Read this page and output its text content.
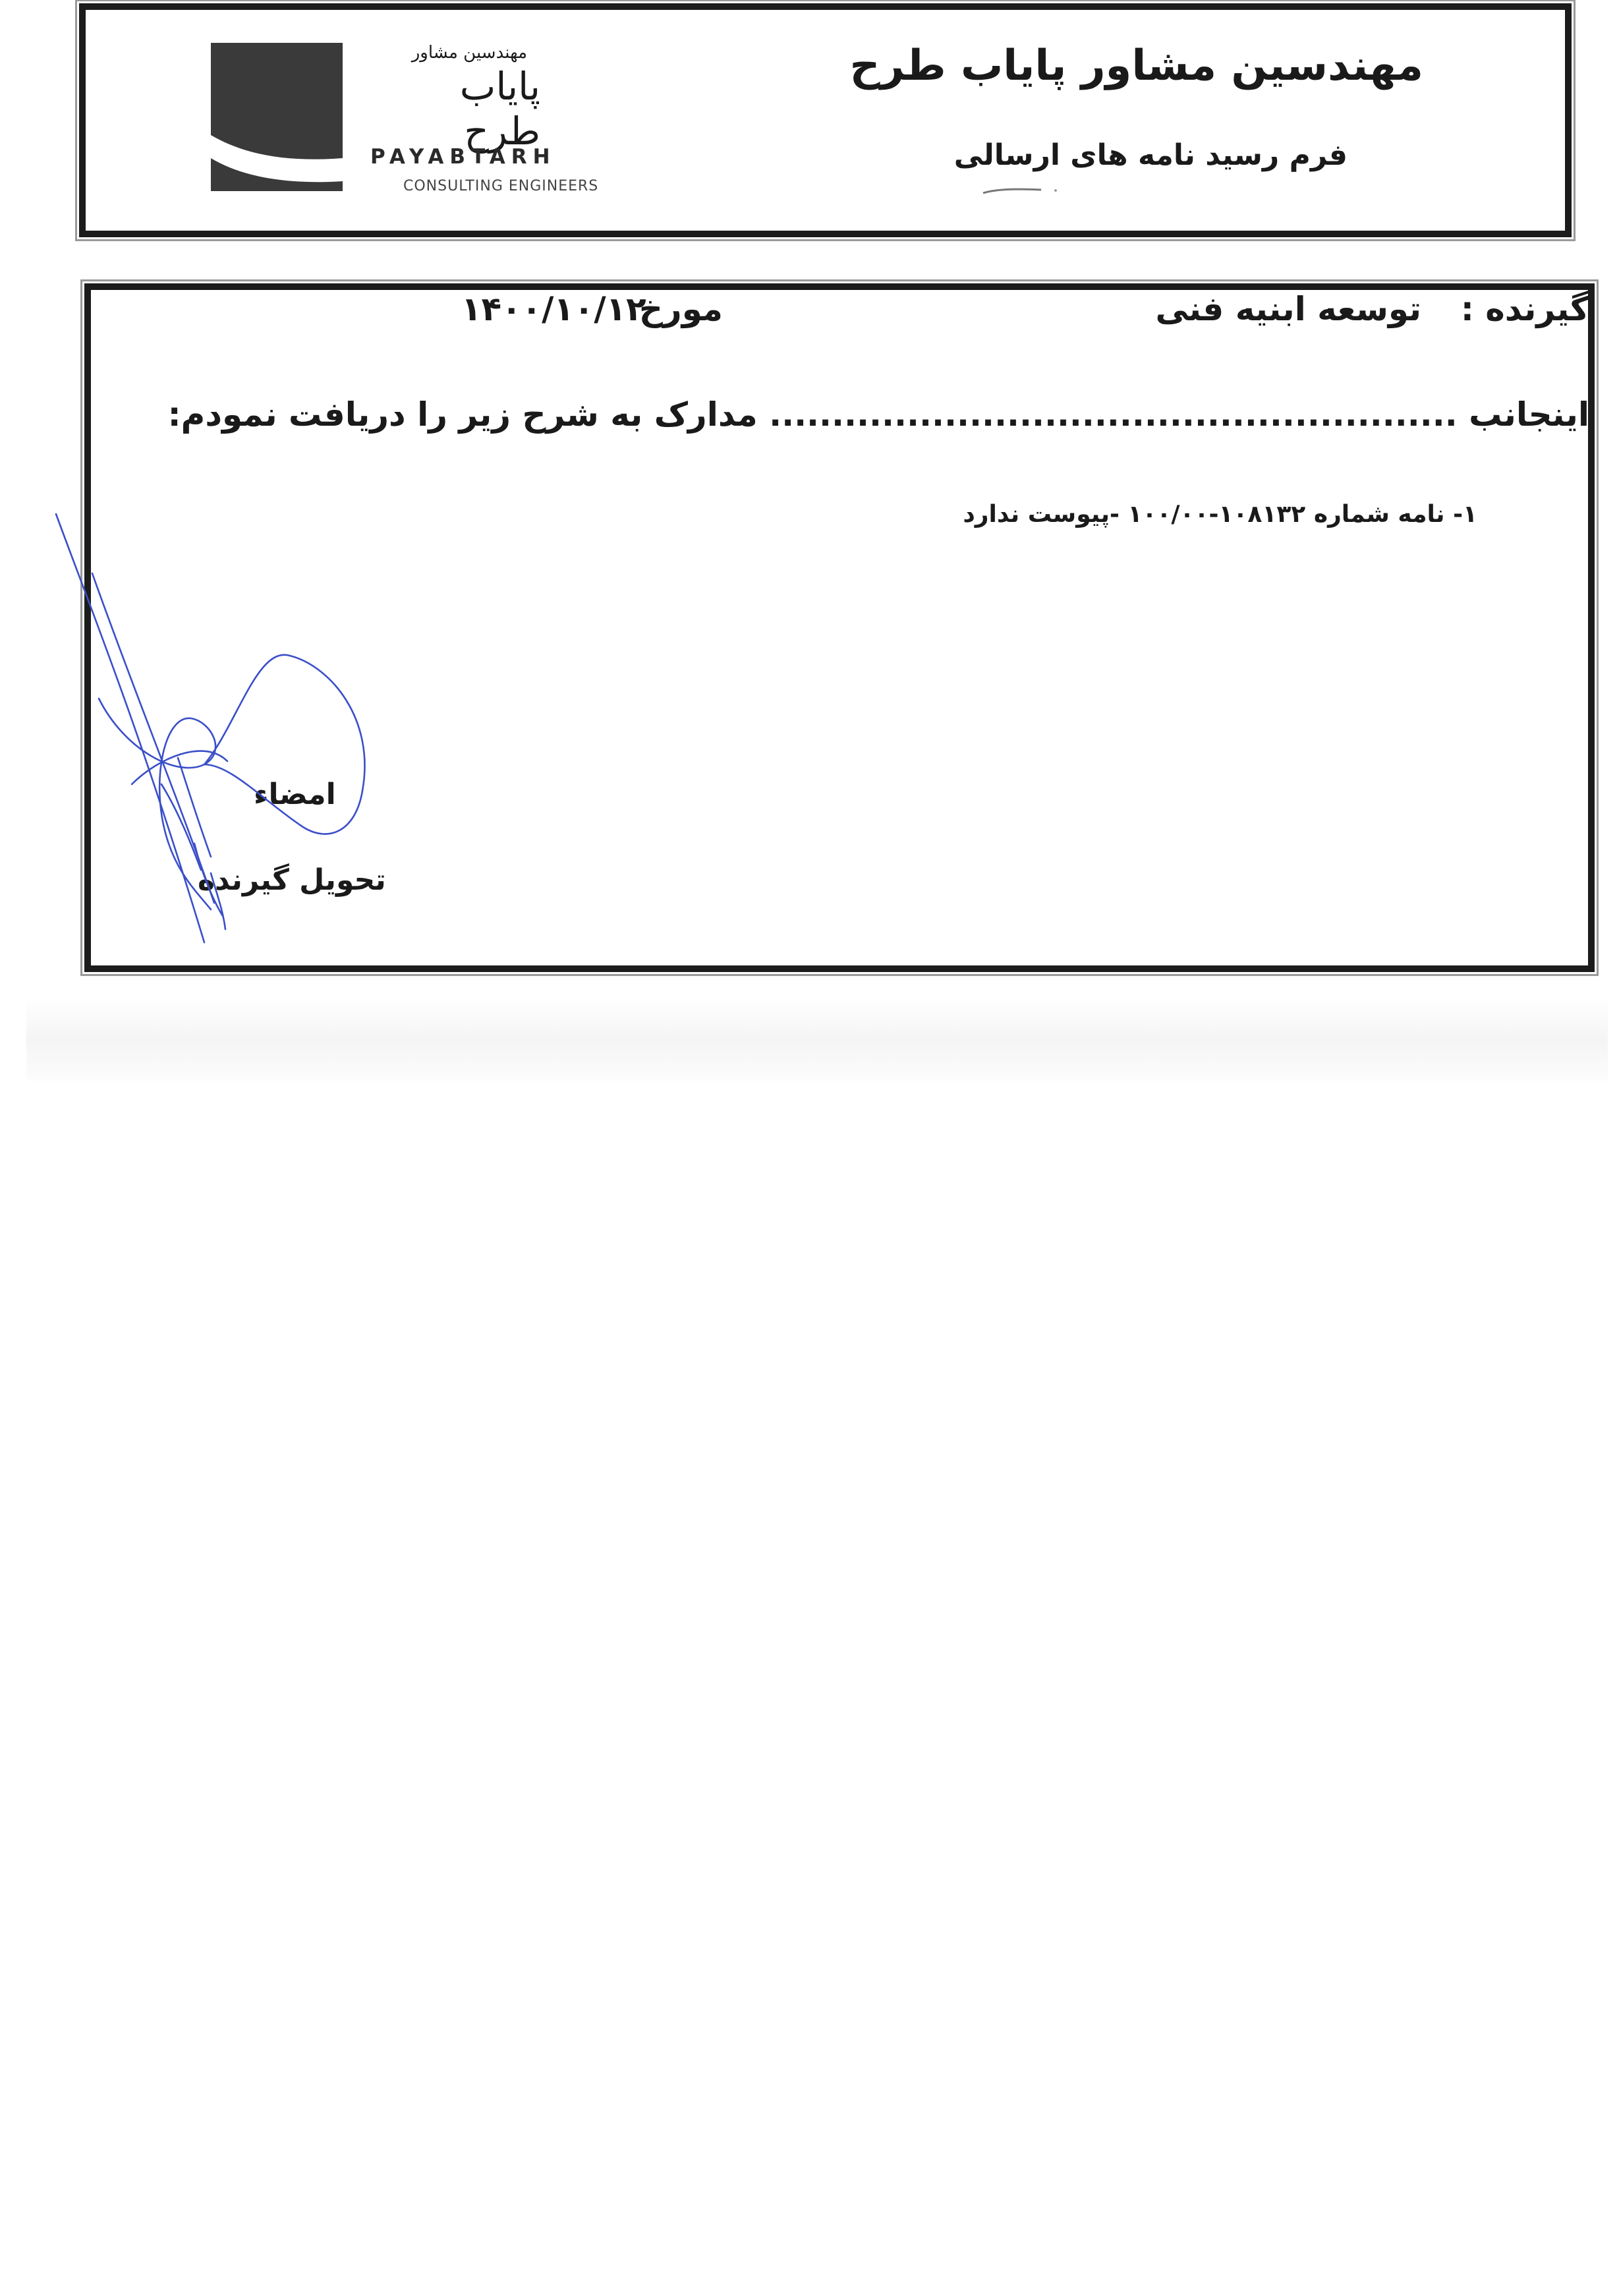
مهندسین مشاور
پایاب طرح
PAYABTARH
CONSULTING ENGINEERS
مهندسین مشاور پایاب طرح
فرم رسید نامه های ارسالی
گیرنده :
توسعه ابنیه فنی
مورخ
۱۴۰۰/۱۰/۱۲
اینجانب ....................................................... مدارک به شرح زیر را دریافت نمودم:
۱- نامه شماره ۱۰۸۱۳۲-۱۰۰/۰۰ -پیوست ندارد
امضاء
تحویل گیرنده
